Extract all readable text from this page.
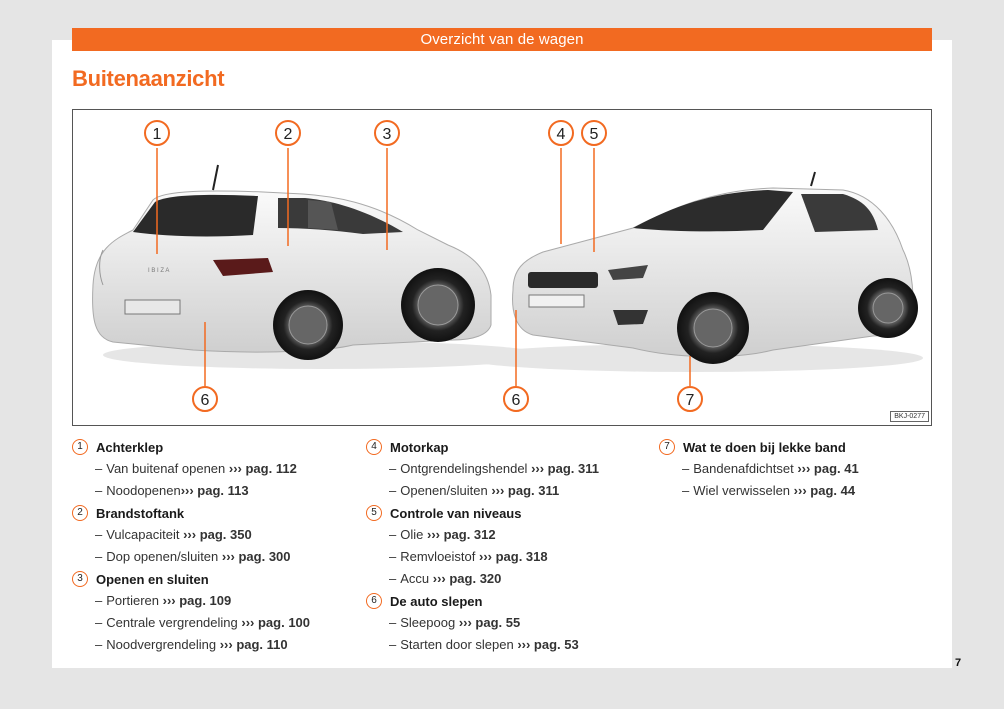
Overzicht van de wagen
Buitenaanzicht
I B I Z A
1	2	3	4 5
6	6	7
BKJ-0277
1	Achterklep
– Van buitenaf openen ››› pag. 112
– Noodopenen››› pag. 113
2	Brandstoftank
– Vulcapaciteit ››› pag. 350
– Dop openen/sluiten ››› pag. 300
3	Openen en sluiten
– Portieren ››› pag. 109
– Centrale vergrendeling ››› pag. 100
– Noodvergrendeling ››› pag. 110
4	Motorkap
– Ontgrendelingshendel ››› pag. 311
– Openen/sluiten ››› pag. 311
5	Controle van niveaus
– Olie ››› pag. 312
– Remvloeistof ››› pag. 318
– Accu ››› pag. 320
6	De auto slepen
– Sleepoog ››› pag. 55
– Starten door slepen ››› pag. 53
7	Wat te doen bij lekke band
– Bandenafdichtset ››› pag. 41
– Wiel verwisselen ››› pag. 44
7
